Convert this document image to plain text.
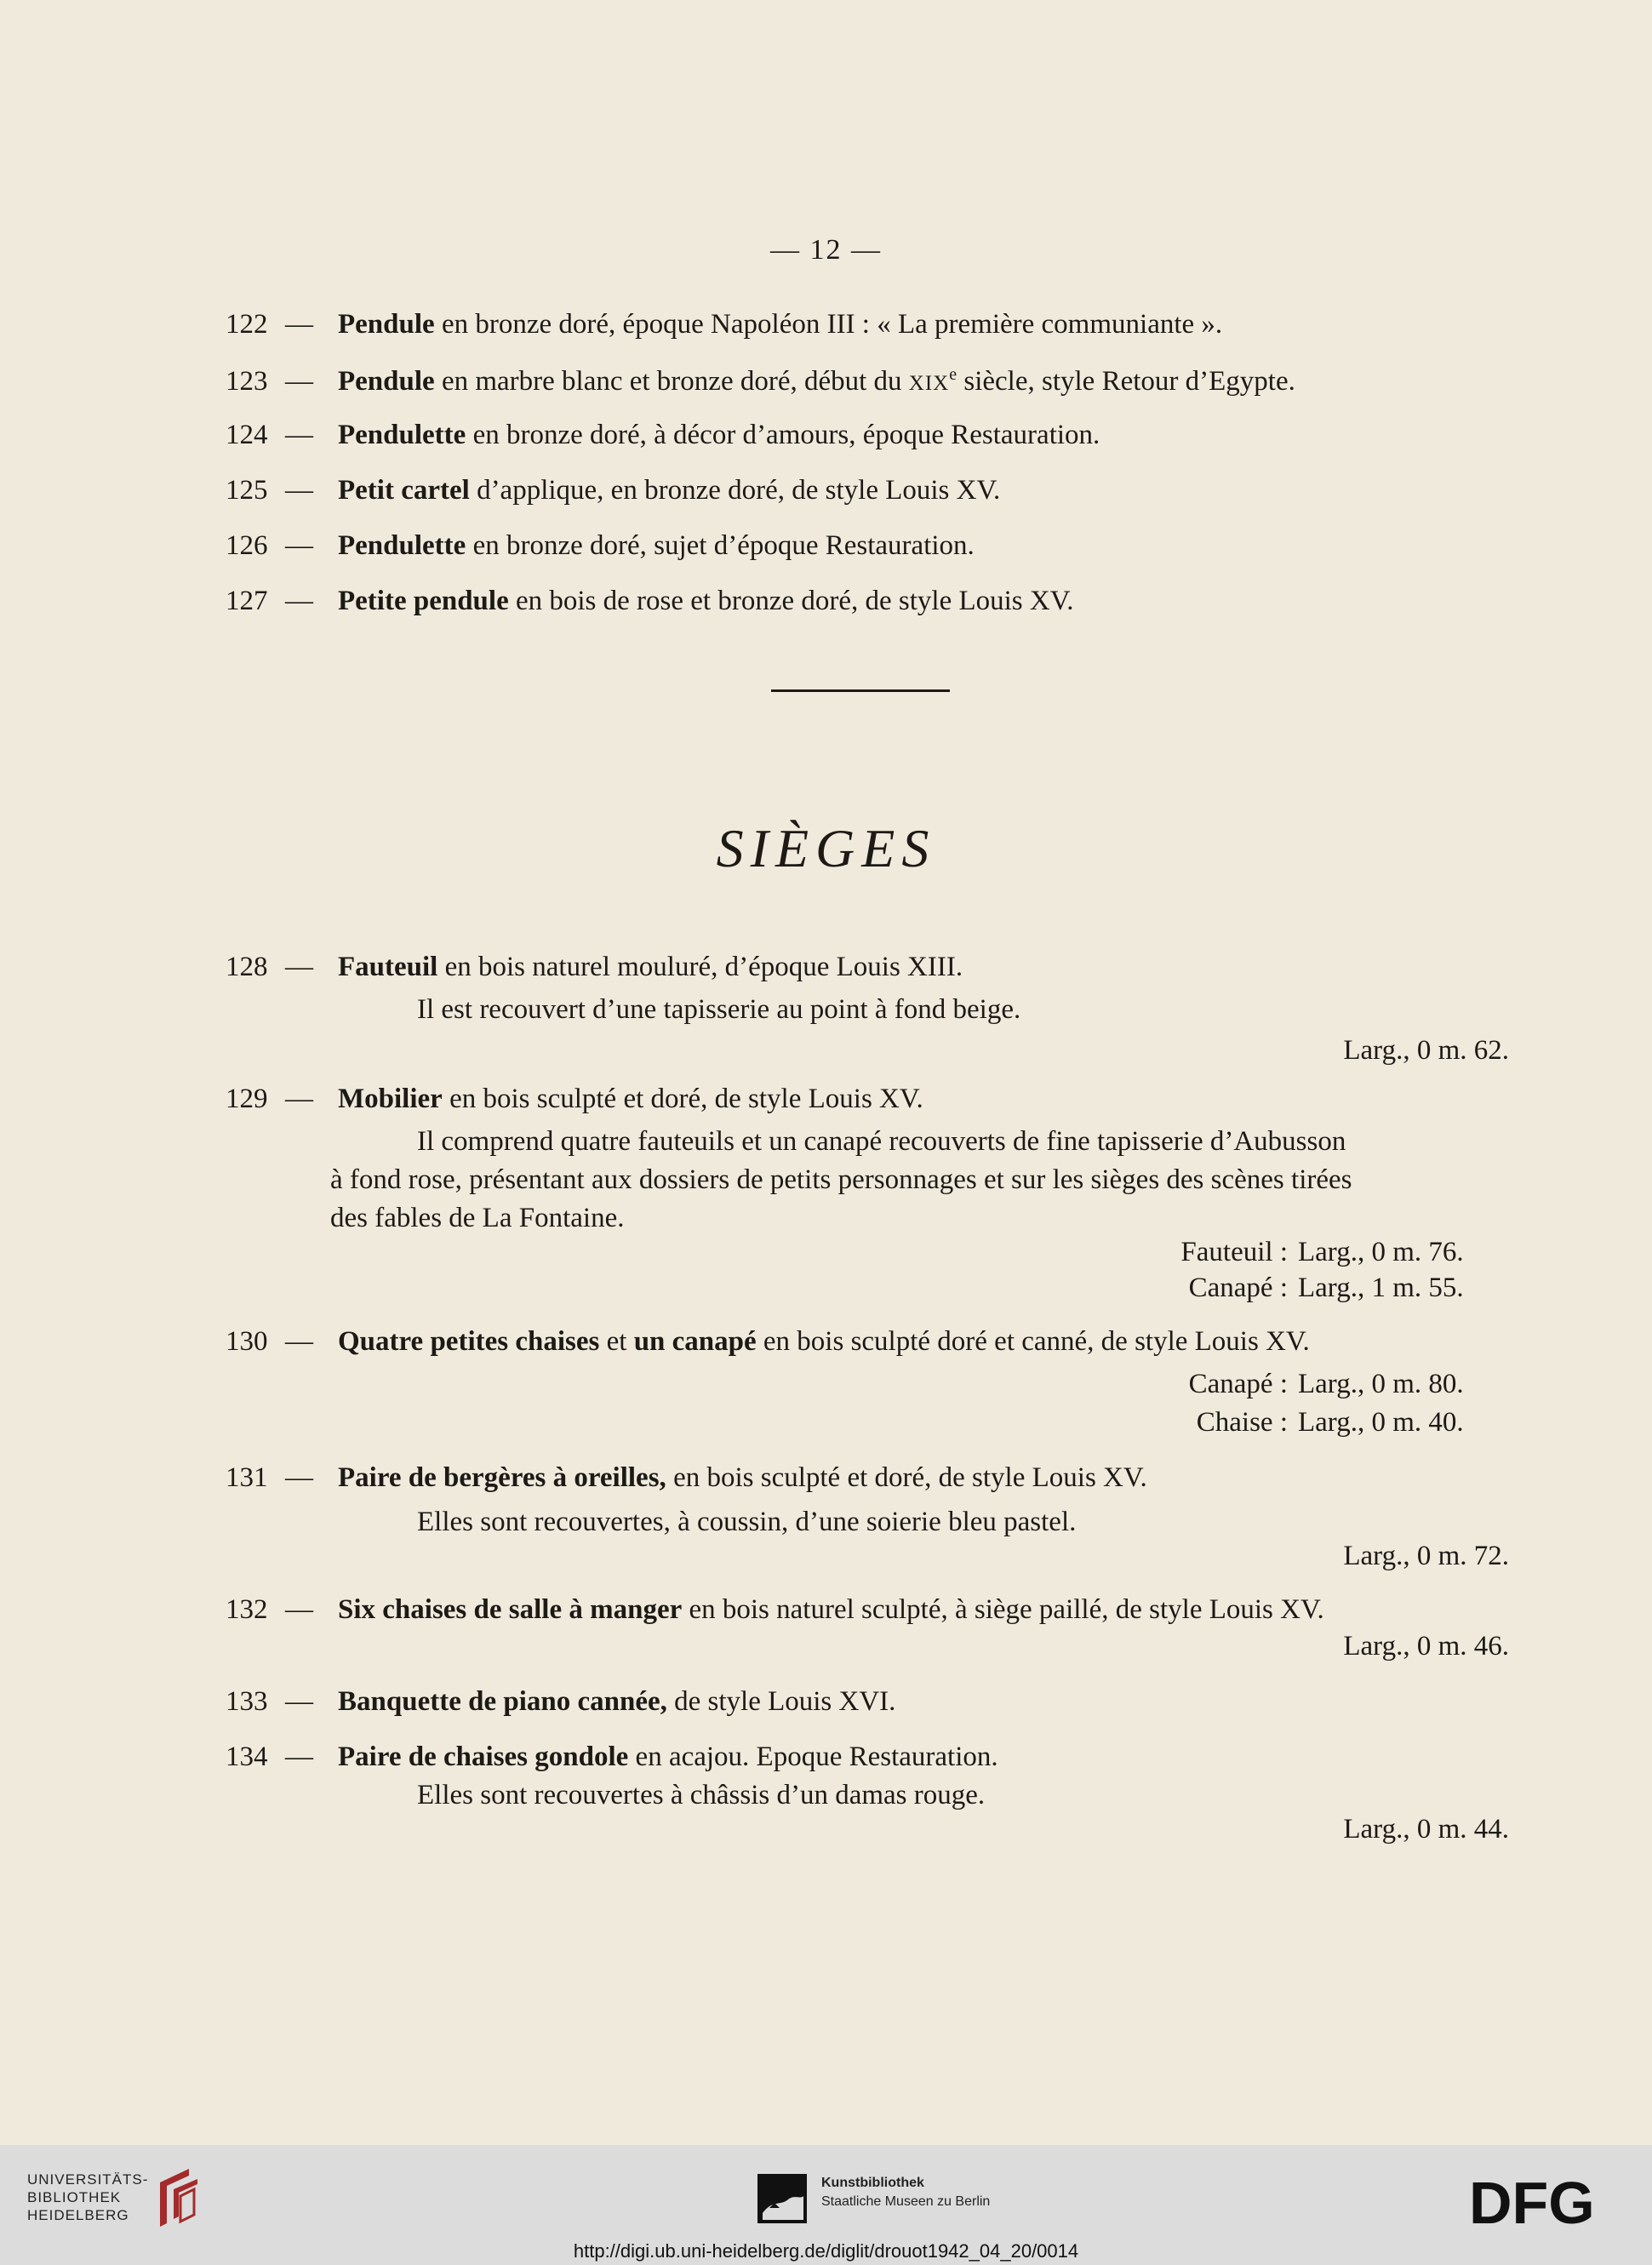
— 12 —
122 — Pendule en bronze doré, époque Napoléon III : « La première communiante ».
123 — Pendule en marbre blanc et bronze doré, début du XIXe siècle, style Retour d’Egypte.
124 — Pendulette en bronze doré, à décor d’amours, époque Restauration.
125 — Petit cartel d’applique, en bronze doré, de style Louis XV.
126 — Pendulette en bronze doré, sujet d’époque Restauration.
127 — Petite pendule en bois de rose et bronze doré, de style Louis XV.
SIÈGES
128 — Fauteuil en bois naturel mouluré, d’époque Louis XIII.
Il est recouvert d’une tapisserie au point à fond beige.
Larg., 0 m. 62.
129 — Mobilier en bois sculpté et doré, de style Louis XV.
Il comprend quatre fauteuils et un canapé recouverts de fine tapisserie d’Aubusson
à fond rose, présentant aux dossiers de petits personnages et sur les sièges des scènes tirées
des fables de La Fontaine.
Fauteuil : Larg., 0 m. 76.
Canapé : Larg., 1 m. 55.
130 — Quatre petites chaises et un canapé en bois sculpté doré et canné, de style Louis XV.
Canapé : Larg., 0 m. 80.
Chaise : Larg., 0 m. 40.
131 — Paire de bergères à oreilles, en bois sculpté et doré, de style Louis XV.
Elles sont recouvertes, à coussin, d’une soierie bleu pastel.
Larg., 0 m. 72.
132 — Six chaises de salle à manger en bois naturel sculpté, à siège paillé, de style Louis XV.
Larg., 0 m. 46.
133 — Banquette de piano cannée, de style Louis XVI.
134 — Paire de chaises gondole en acajou. Epoque Restauration.
Elles sont recouvertes à châssis d’un damas rouge.
Larg., 0 m. 44.
UNIVERSITÄTS-
BIBLIOTHEK
HEIDELBERG
Kunstbibliothek
Staatliche Museen zu Berlin	DFG
http://digi.ub.uni-heidelberg.de/diglit/drouot1942_04_20/0014
